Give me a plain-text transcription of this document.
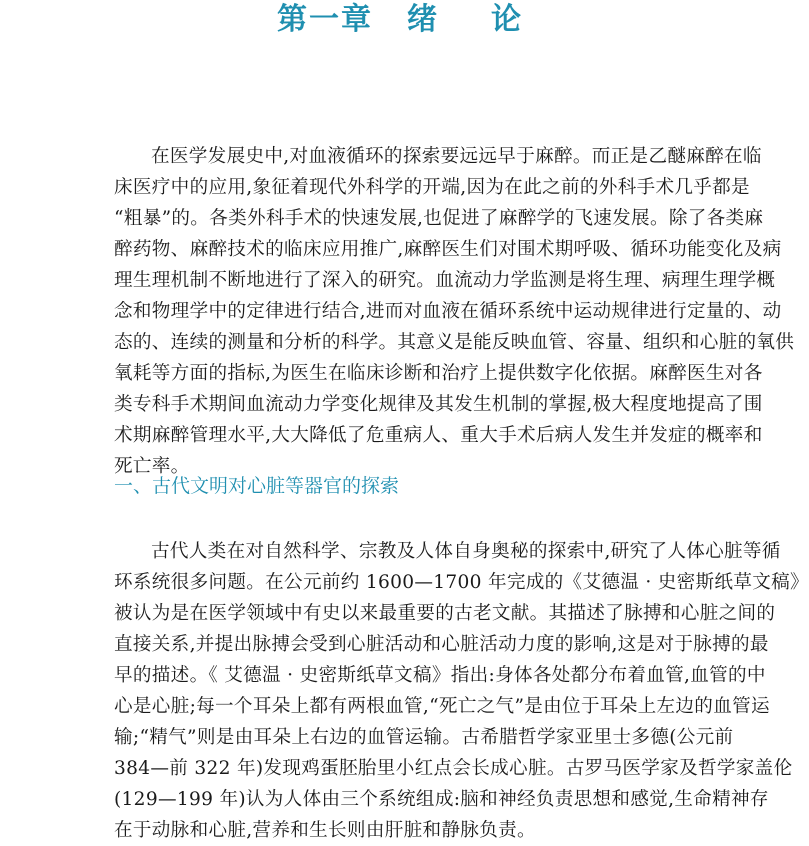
第一章 绪 论

在医学发展史中,对血液循环的探索要远远早于麻醉。而正是乙醚麻醉在临
床医疗中的应用,象征着现代外科学的开端,因为在此之前的外科手术几乎都是
“粗暴”的。各类外科手术的快速发展,也促进了麻醉学的飞速发展。除了各类麻
醉药物、麻醉技术的临床应用推广,麻醉医生们对围术期呼吸、循环功能变化及病
理生理机制不断地进行了深入的研究。血流动力学监测是将生理、病理生理学概
念和物理学中的定律进行结合,进而对血液在循环系统中运动规律进行定量的、动
态的、连续的测量和分析的科学。其意义是能反映血管、容量、组织和心脏的氧供
氧耗等方面的指标,为医生在临床诊断和治疗上提供数字化依据。麻醉医生对各
类专科手术期间血流动力学变化规律及其发生机制的掌握,极大程度地提高了围
术期麻醉管理水平,大大降低了危重病人、重大手术后病人发生并发症的概率和
死亡率。

一、古代文明对心脏等器官的探索

古代人类在对自然科学、宗教及人体自身奥秘的探索中,研究了人体心脏等循
环系统很多问题。在公元前约 1600—1700 年完成的《艾德温 · 史密斯纸草文稿》
被认为是在医学领域中有史以来最重要的古老文献。其描述了脉搏和心脏之间的
直接关系,并提出脉搏会受到心脏活动和心脏活动力度的影响,这是对于脉搏的最
早的描述。《 艾德温 · 史密斯纸草文稿》指出:身体各处都分布着血管,血管的中
心是心脏;每一个耳朵上都有两根血管,“死亡之气”是由位于耳朵上左边的血管运
输;“精气”则是由耳朵上右边的血管运输。古希腊哲学家亚里士多德(公元前
384—前 322 年)发现鸡蛋胚胎里小红点会长成心脏。古罗马医学家及哲学家盖伦
(129—199 年)认为人体由三个系统组成:脑和神经负责思想和感觉,生命精神存
在于动脉和心脏,营养和生长则由肝脏和静脉负责。
